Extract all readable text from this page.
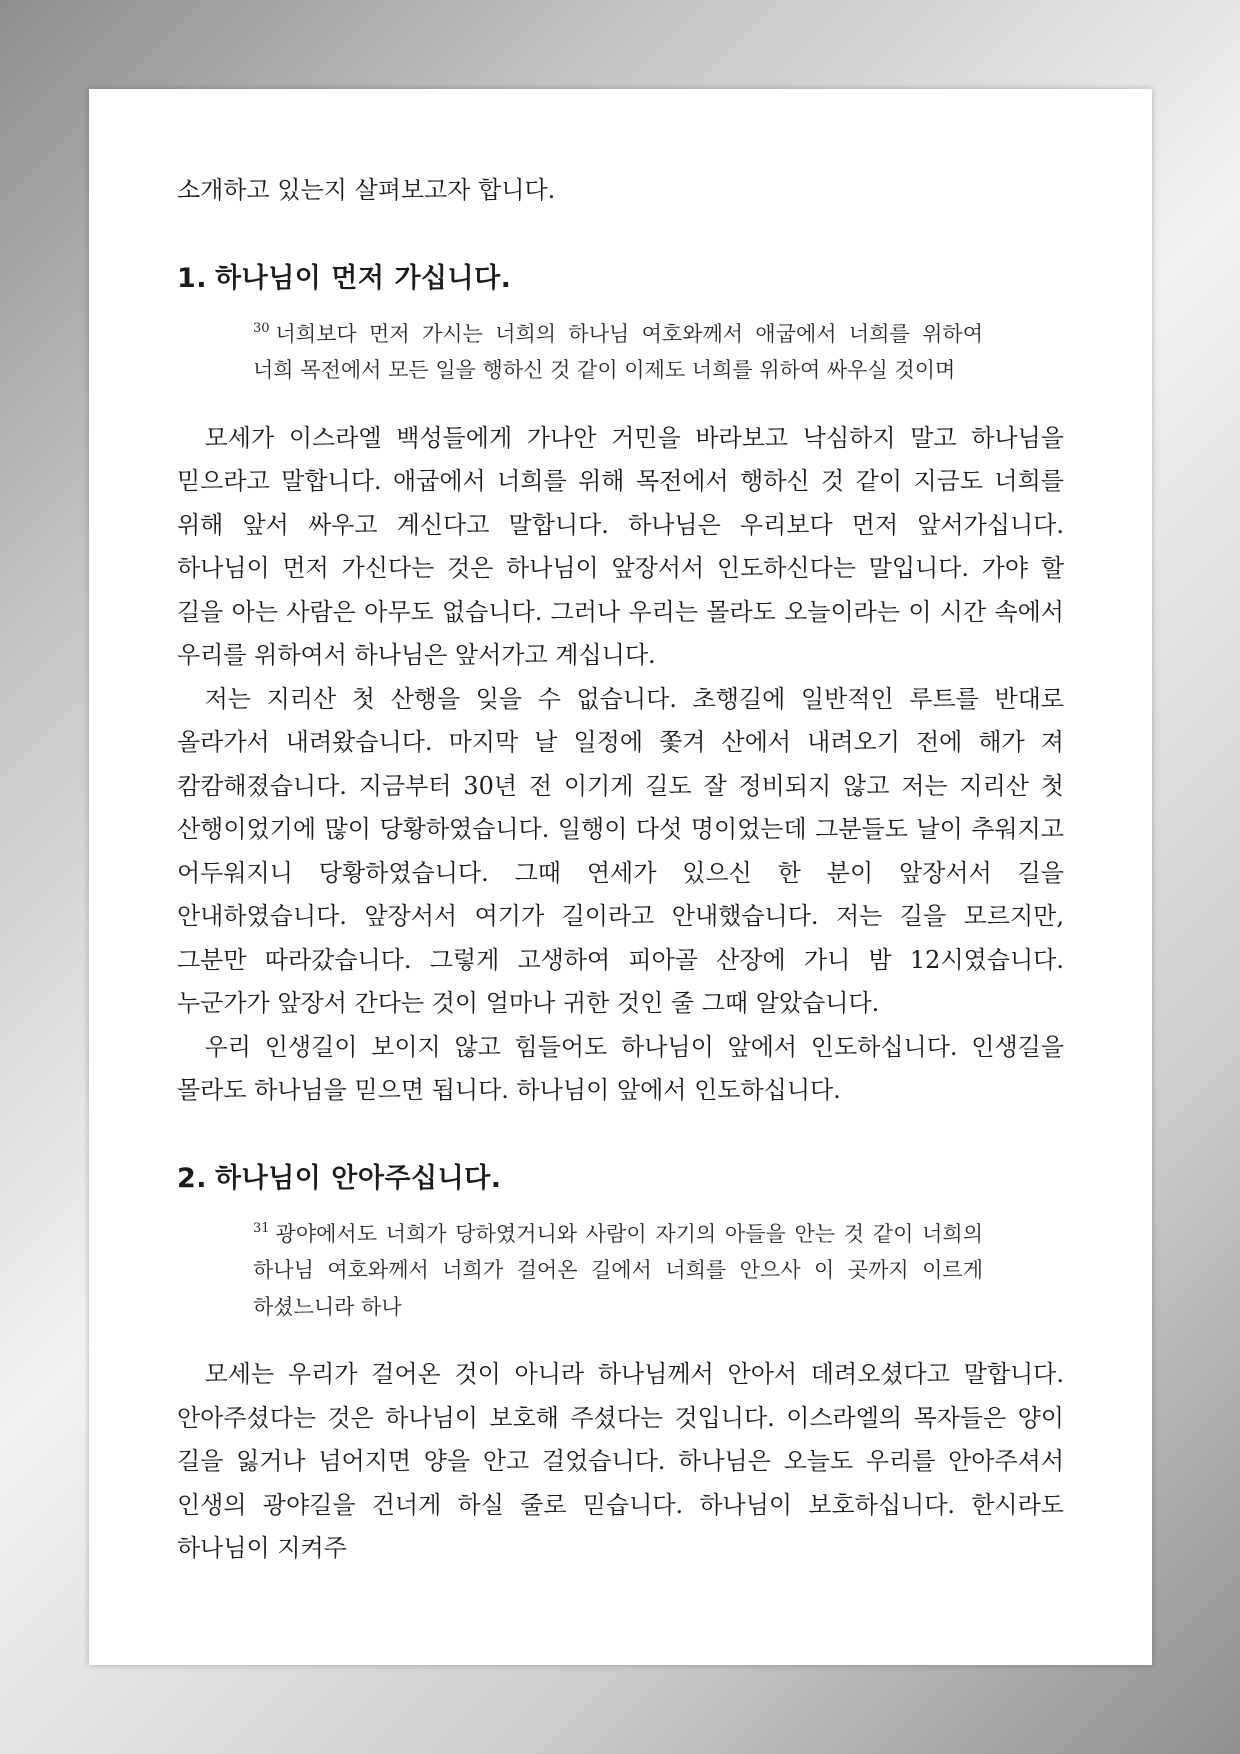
소개하고 있는지 살펴보고자 합니다.

1. 하나님이 먼저 가십니다.

$^{30}$ 너희보다 먼저 가시는 너희의 하나님 여호와께서 애굽에서 너희를 위하여 너희 목전에서 모든 일을 행하신 것 같이 이제도 너희를 위하여 싸우실 것이며

모세가 이스라엘 백성들에게 가나안 거민을 바라보고 낙심하지 말고 하나님을 믿으라고 말합니다. 애굽에서 너희를 위해 목전에서 행하신 것 같이 지금도 너희를 위해 앞서 싸우고 계신다고 말합니다. 하나님은 우리보다 먼저 앞서가십니다. 하나님이 먼저 가신다는 것은 하나님이 앞장서서 인도하신다는 말입니다. 가야 할 길을 아는 사람은 아무도 없습니다. 그러나 우리는 몰라도 오늘이라는 이 시간 속에서 우리를 위하여서 하나님은 앞서가고 계십니다.

저는 지리산 첫 산행을 잊을 수 없습니다. 초행길에 일반적인 루트를 반대로 올라가서 내려왔습니다. 마지막 날 일정에 쫓겨 산에서 내려오기 전에 해가 져 캄캄해졌습니다. 지금부터 30년 전 이기게 길도 잘 정비되지 않고 저는 지리산 첫 산행이었기에 많이 당황하였습니다. 일행이 다섯 명이었는데 그분들도 날이 추워지고 어두워지니 당황하였습니다. 그때 연세가 있으신 한 분이 앞장서서 길을 안내하였습니다. 앞장서서 여기가 길이라고 안내했습니다. 저는 길을 모르지만, 그분만 따라갔습니다. 그렇게 고생하여 피아골 산장에 가니 밤 12시였습니다. 누군가가 앞장서 간다는 것이 얼마나 귀한 것인 줄 그때 알았습니다.

우리 인생길이 보이지 않고 힘들어도 하나님이 앞에서 인도하십니다. 인생길을 몰라도 하나님을 믿으면 됩니다. 하나님이 앞에서 인도하십니다.

2. 하나님이 안아주십니다.

$^{31}$ 광야에서도 너희가 당하였거니와 사람이 자기의 아들을 안는 것 같이 너희의 하나님 여호와께서 너희가 걸어온 길에서 너희를 안으사 이 곳까지 이르게 하셨느니라 하나

모세는 우리가 걸어온 것이 아니라 하나님께서 안아서 데려오셨다고 말합니다. 안아주셨다는 것은 하나님이 보호해 주셨다는 것입니다. 이스라엘의 목자들은 양이 길을 잃거나 넘어지면 양을 안고 걸었습니다. 하나님은 오늘도 우리를 안아주셔서 인생의 광야길을 건너게 하실 줄로 믿습니다. 하나님이 보호하십니다. 한시라도 하나님이 지켜주
